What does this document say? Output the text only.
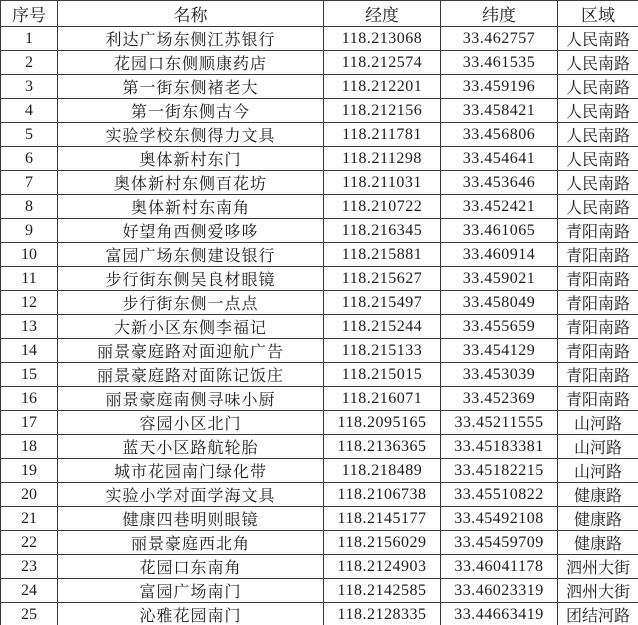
序号	名称	经度	纬度	区域
1	利达广场东侧江苏银行	118.213068	33.462757	人民南路
2	花园口东侧顺康药店	118.212574	33.461535	人民南路
3	第一街东侧褚老大	118.212201	33.459196	人民南路
4	第一街东侧古今	118.212156	33.458421	人民南路
5	实验学校东侧得力文具	118.211781	33.456806	人民南路
6	奥体新村东门	118.211298	33.454641	人民南路
7	奥体新村东侧百花坊	118.211031	33.453646	人民南路
8	奥体新村东南角	118.210722	33.452421	人民南路
9	好望角西侧爱哆哆	118.216345	33.461065	青阳南路
10	富园广场东侧建设银行	118.215881	33.460914	青阳南路
11	步行街东侧吴良材眼镜	118.215627	33.459021	青阳南路
12	步行街东侧一点点	118.215497	33.458049	青阳南路
13	大新小区东侧李福记	118.215244	33.455659	青阳南路
14	丽景豪庭路对面迎航广告	118.215133	33.454129	青阳南路
15	丽景豪庭路对面陈记饭庄	118.215015	33.453039	青阳南路
16	丽景豪庭南侧寻味小厨	118.216071	33.452369	青阳南路
17	容园小区北门	118.2095165	33.45211555	山河路
18	蓝天小区路航轮胎	118.2136365	33.45183381	山河路
19	城市花园南门绿化带	118.218489	33.45182215	山河路
20	实验小学对面学海文具	118.2106738	33.45510822	健康路
21	健康四巷明则眼镜	118.2145177	33.45492108	健康路
22	丽景豪庭西北角	118.2156029	33.45459709	健康路
23	花园口东南角	118.2124903	33.46041178	泗州大街
24	富园广场南门	118.2142585	33.46023319	泗州大街
25	沁雅花园南门	118.2128335	33.44663419	团结河路
